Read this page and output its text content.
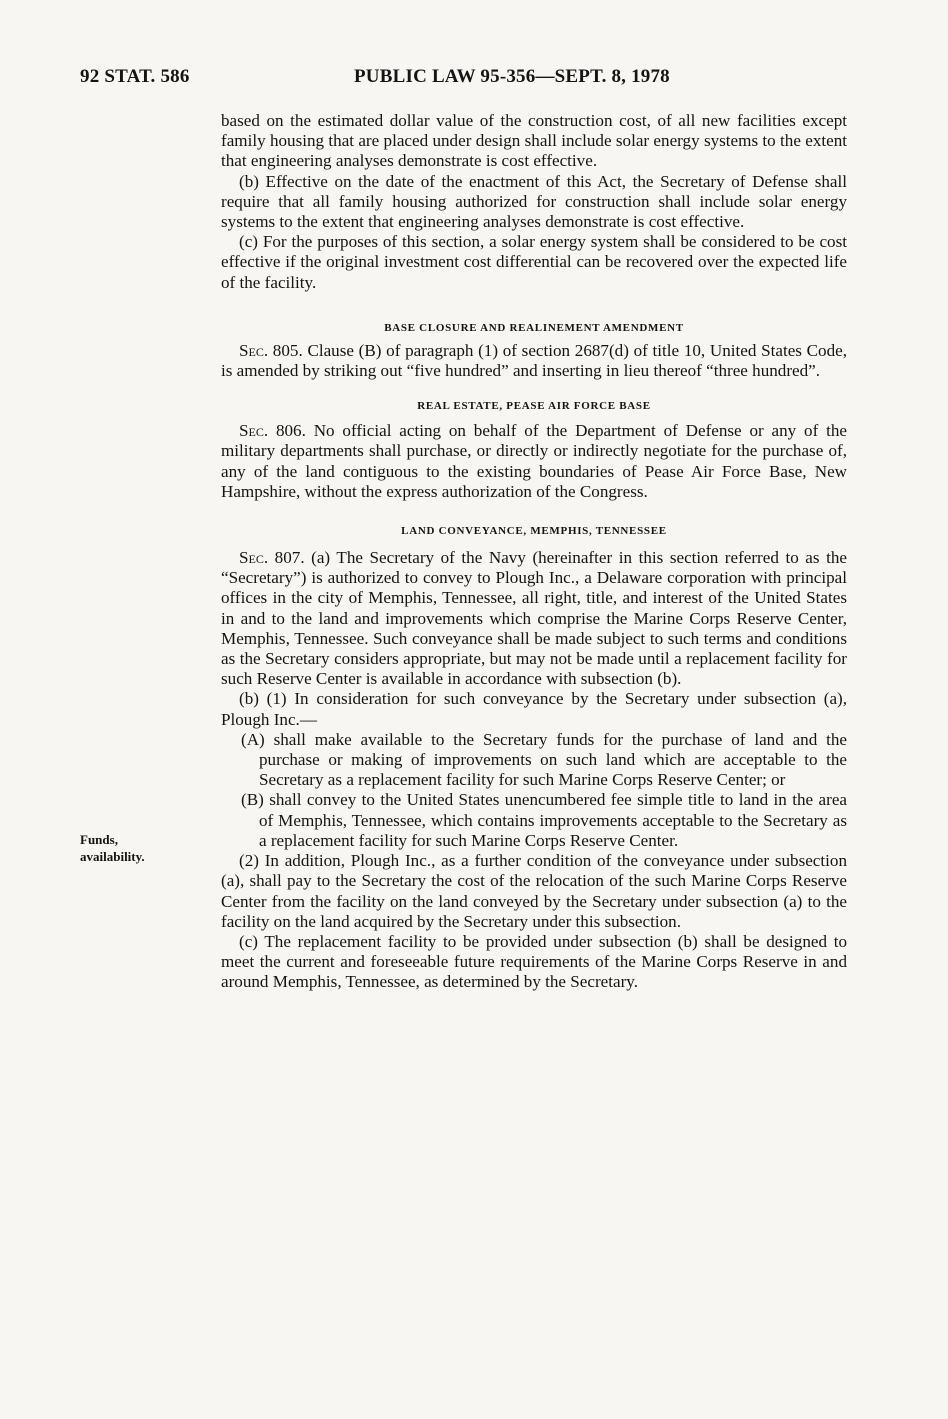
92 STAT. 586	PUBLIC LAW 95-356—SEPT. 8, 1978
Funds,
availability.

based on the estimated dollar value of the construction cost, of all new facilities except family housing that are placed under design shall include solar energy systems to the extent that engineering analyses demonstrate is cost effective.

(b) Effective on the date of the enactment of this Act, the Secretary of Defense shall require that all family housing authorized for construction shall include solar energy systems to the extent that engineering analyses demonstrate is cost effective.

(c) For the purposes of this section, a solar energy system shall be considered to be cost effective if the original investment cost differential can be recovered over the expected life of the facility.

BASE CLOSURE AND REALINEMENT AMENDMENT

Sec. 805. Clause (B) of paragraph (1) of section 2687(d) of title 10, United States Code, is amended by striking out “five hundred” and inserting in lieu thereof “three hundred”.

REAL ESTATE, PEASE AIR FORCE BASE

Sec. 806. No official acting on behalf of the Department of Defense or any of the military departments shall purchase, or directly or indirectly negotiate for the purchase of, any of the land contiguous to the existing boundaries of Pease Air Force Base, New Hampshire, without the express authorization of the Congress.

LAND CONVEYANCE, MEMPHIS, TENNESSEE

Sec. 807. (a) The Secretary of the Navy (hereinafter in this section referred to as the “Secretary”) is authorized to convey to Plough Inc., a Delaware corporation with principal offices in the city of Memphis, Tennessee, all right, title, and interest of the United States in and to the land and improvements which comprise the Marine Corps Reserve Center, Memphis, Tennessee. Such conveyance shall be made subject to such terms and conditions as the Secretary considers appropriate, but may not be made until a replacement facility for such Reserve Center is available in accordance with subsection (b).

(b) (1) In consideration for such conveyance by the Secretary under subsection (a), Plough Inc.—

(A) shall make available to the Secretary funds for the purchase of land and the purchase or making of improvements on such land which are acceptable to the Secretary as a replacement facility for such Marine Corps Reserve Center; or

(B) shall convey to the United States unencumbered fee simple title to land in the area of Memphis, Tennessee, which contains improvements acceptable to the Secretary as a replacement facility for such Marine Corps Reserve Center.

(2) In addition, Plough Inc., as a further condition of the conveyance under subsection (a), shall pay to the Secretary the cost of the relocation of the such Marine Corps Reserve Center from the facility on the land conveyed by the Secretary under subsection (a) to the facility on the land acquired by the Secretary under this subsection.

(c) The replacement facility to be provided under subsection (b) shall be designed to meet the current and foreseeable future requirements of the Marine Corps Reserve in and around Memphis, Tennessee, as determined by the Secretary.
